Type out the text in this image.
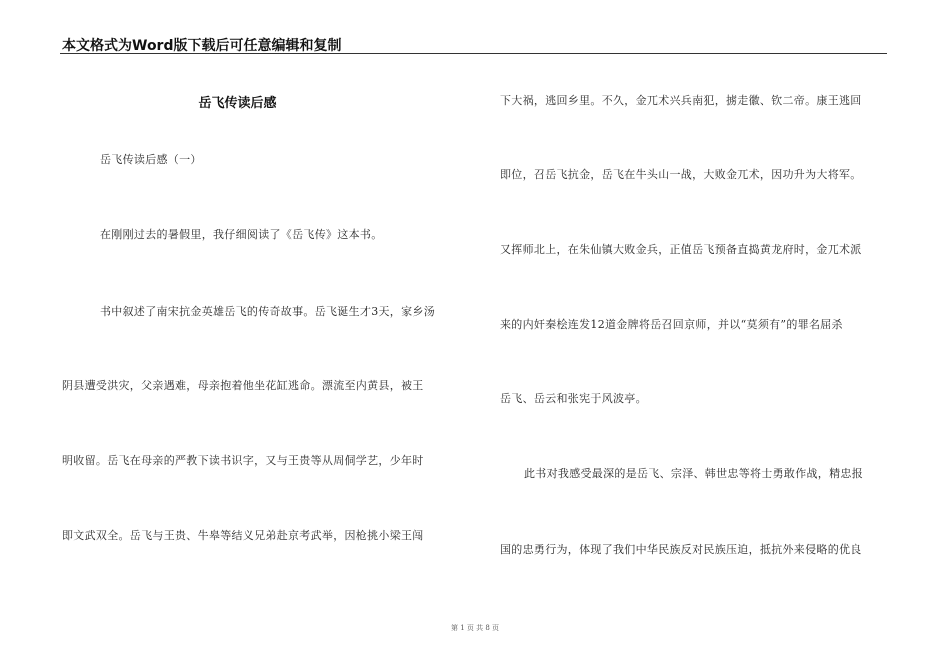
本文格式为Word版下载后可任意编辑和复制
岳飞传读后感
岳飞传读后感（一）
在刚刚过去的暑假里，我仔细阅读了《岳飞传》这本书。
书中叙述了南宋抗金英雄岳飞的传奇故事。岳飞诞生才3天，家乡汤
阴县遭受洪灾，父亲遇难，母亲抱着他坐花缸逃命。漂流至内黄县，被王
明收留。岳飞在母亲的严教下读书识字，又与王贵等从周侗学艺，少年时
即文武双全。岳飞与王贵、牛皋等结义兄弟赴京考武举，因枪挑小梁王闯
下大祸，逃回乡里。不久，金兀术兴兵南犯，掳走徽、钦二帝。康王逃回
即位，召岳飞抗金，岳飞在牛头山一战，大败金兀术，因功升为大将军。
又挥师北上，在朱仙镇大败金兵，正值岳飞预备直捣黄龙府时，金兀术派
来的内奸秦桧连发12道金牌将岳召回京师，并以“莫须有”的罪名屈杀
岳飞、岳云和张宪于风波亭。
此书对我感受最深的是岳飞、宗泽、韩世忠等将士勇敢作战，精忠报
国的忠勇行为，体现了我们中华民族反对民族压迫，抵抗外来侵略的优良
第 1 页 共 8 页
